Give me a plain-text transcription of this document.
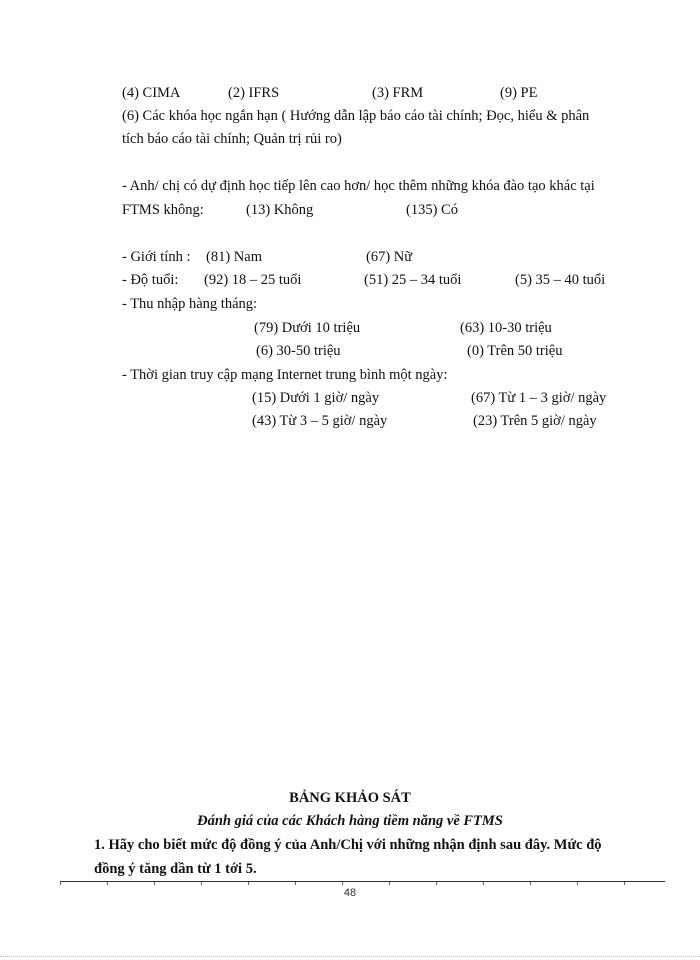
(4) CIMA	(2) IFRS	(3) FRM	(9) PE
(6) Các khóa học ngắn hạn ( Hướng dẫn lập báo cáo tài chính; Đọc, hiểu & phân
tích báo cáo tài chính; Quản trị rủi ro)
- Anh/ chị có dự định học tiếp lên cao hơn/ học thêm những khóa đào tạo khác tại
FTMS không:	(13) Không	(135) Có
- Giới tính : (81) Nam	(67) Nữ
- Độ tuổi: (92) 18 – 25 tuổi	(51) 25 – 34 tuổi	(5) 35 – 40 tuổi
- Thu nhập hàng tháng:
(79) Dưới 10 triệu	(63) 10-30 triệu
(6) 30-50 triệu	(0) Trên 50 triệu
- Thời gian truy cập mạng Internet trung bình một ngày:
(15) Dưới 1 giờ/ ngày	(67) Từ 1 – 3 giờ/ ngày
(43) Từ 3 – 5 giờ/ ngày	(23) Trên 5 giờ/ ngày
BẢNG KHẢO SÁT
Đánh giá của các Khách hàng tiềm năng về FTMS
1. Hãy cho biết mức độ đồng ý của Anh/Chị với những nhận định sau đây. Mức độ
đồng ý tăng dần từ 1 tới 5.
48
